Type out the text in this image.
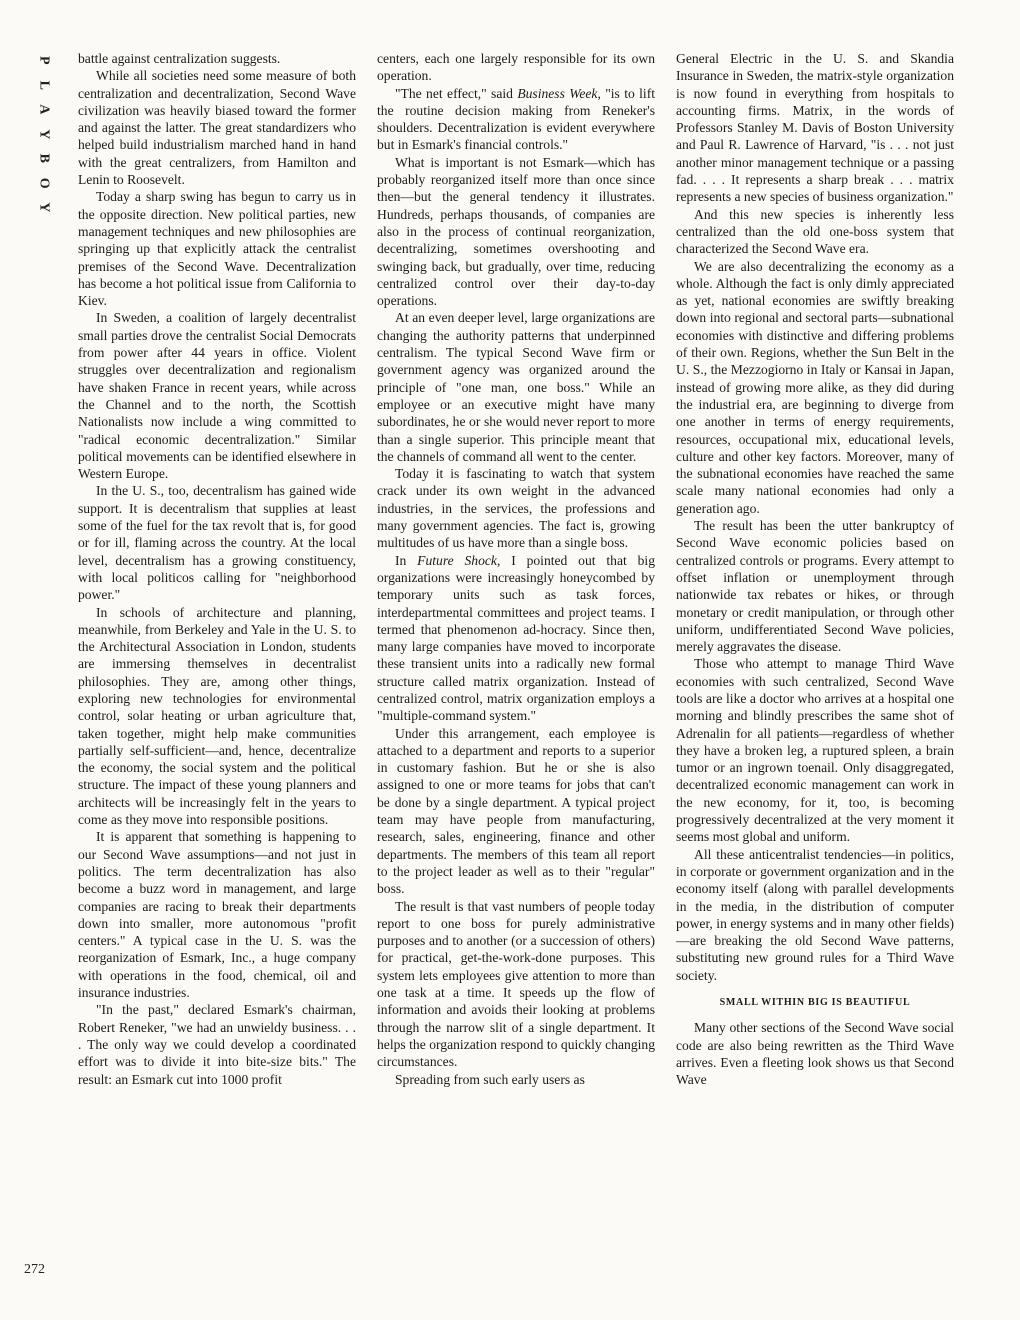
P
L
A
Y
B
O
Y
272

battle against centralization suggests.

While all societies need some measure of both centralization and decentralization, Second Wave civilization was heavily biased toward the former and against the latter. The great standardizers who helped build industrialism marched hand in hand with the great centralizers, from Hamilton and Lenin to Roosevelt.

Today a sharp swing has begun to carry us in the opposite direction. New political parties, new management techniques and new philosophies are springing up that explicitly attack the centralist premises of the Second Wave. Decentralization has become a hot political issue from California to Kiev.

In Sweden, a coalition of largely decentralist small parties drove the centralist Social Democrats from power after 44 years in office. Violent struggles over decentralization and regionalism have shaken France in recent years, while across the Channel and to the north, the Scottish Nationalists now include a wing committed to "radical economic decentralization." Similar political movements can be identified elsewhere in Western Europe.

In the U. S., too, decentralism has gained wide support. It is decentralism that supplies at least some of the fuel for the tax revolt that is, for good or for ill, flaming across the country. At the local level, decentralism has a growing constituency, with local politicos calling for "neighborhood power."

In schools of architecture and planning, meanwhile, from Berkeley and Yale in the U. S. to the Architectural Association in London, students are immersing themselves in decentralist philosophies. They are, among other things, exploring new technologies for environmental control, solar heating or urban agriculture that, taken together, might help make communities partially self-sufficient—and, hence, decentralize the economy, the social system and the political structure. The impact of these young planners and architects will be increasingly felt in the years to come as they move into responsible positions.

It is apparent that something is happening to our Second Wave assumptions—and not just in politics. The term decentralization has also become a buzz word in management, and large companies are racing to break their departments down into smaller, more autonomous "profit centers." A typical case in the U. S. was the reorganization of Esmark, Inc., a huge company with operations in the food, chemical, oil and insurance industries.

"In the past," declared Esmark's chairman, Robert Reneker, "we had an unwieldy business. . . . The only way we could develop a coordinated effort was to divide it into bite-size bits." The result: an Esmark cut into 1000 profit

centers, each one largely responsible for its own operation.

"The net effect," said Business Week, "is to lift the routine decision making from Reneker's shoulders. Decentralization is evident everywhere but in Esmark's financial controls."

What is important is not Esmark—which has probably reorganized itself more than once since then—but the general tendency it illustrates. Hundreds, perhaps thousands, of companies are also in the process of continual reorganization, decentralizing, sometimes overshooting and swinging back, but gradually, over time, reducing centralized control over their day-to-day operations.

At an even deeper level, large organizations are changing the authority patterns that underpinned centralism. The typical Second Wave firm or government agency was organized around the principle of "one man, one boss." While an employee or an executive might have many subordinates, he or she would never report to more than a single superior. This principle meant that the channels of command all went to the center.

Today it is fascinating to watch that system crack under its own weight in the advanced industries, in the services, the professions and many government agencies. The fact is, growing multitudes of us have more than a single boss.

In Future Shock, I pointed out that big organizations were increasingly honeycombed by temporary units such as task forces, interdepartmental committees and project teams. I termed that phenomenon ad-hocracy. Since then, many large companies have moved to incorporate these transient units into a radically new formal structure called matrix organization. Instead of centralized control, matrix organization employs a "multiple-command system."

Under this arrangement, each employee is attached to a department and reports to a superior in customary fashion. But he or she is also assigned to one or more teams for jobs that can't be done by a single department. A typical project team may have people from manufacturing, research, sales, engineering, finance and other departments. The members of this team all report to the project leader as well as to their "regular" boss.

The result is that vast numbers of people today report to one boss for purely administrative purposes and to another (or a succession of others) for practical, get-the-work-done purposes. This system lets employees give attention to more than one task at a time. It speeds up the flow of information and avoids their looking at problems through the narrow slit of a single department. It helps the organization respond to quickly changing circumstances.

Spreading from such early users as

General Electric in the U. S. and Skandia Insurance in Sweden, the matrix-style organization is now found in everything from hospitals to accounting firms. Matrix, in the words of Professors Stanley M. Davis of Boston University and Paul R. Lawrence of Harvard, "is . . . not just another minor management technique or a passing fad. . . . It represents a sharp break . . . matrix represents a new species of business organization."

And this new species is inherently less centralized than the old one-boss system that characterized the Second Wave era.

We are also decentralizing the economy as a whole. Although the fact is only dimly appreciated as yet, national economies are swiftly breaking down into regional and sectoral parts—subnational economies with distinctive and differing problems of their own. Regions, whether the Sun Belt in the U. S., the Mezzogiorno in Italy or Kansai in Japan, instead of growing more alike, as they did during the industrial era, are beginning to diverge from one another in terms of energy requirements, resources, occupational mix, educational levels, culture and other key factors. Moreover, many of the subnational economies have reached the same scale many national economies had only a generation ago.

The result has been the utter bankruptcy of Second Wave economic policies based on centralized controls or programs. Every attempt to offset inflation or unemployment through nationwide tax rebates or hikes, or through monetary or credit manipulation, or through other uniform, undifferentiated Second Wave policies, merely aggravates the disease.

Those who attempt to manage Third Wave economies with such centralized, Second Wave tools are like a doctor who arrives at a hospital one morning and blindly prescribes the same shot of Adrenalin for all patients—regardless of whether they have a broken leg, a ruptured spleen, a brain tumor or an ingrown toenail. Only disaggregated, decentralized economic management can work in the new economy, for it, too, is becoming progressively decentralized at the very moment it seems most global and uniform.

All these anticentralist tendencies—in politics, in corporate or government organization and in the economy itself (along with parallel developments in the media, in the distribution of computer power, in energy systems and in many other fields)—are breaking the old Second Wave patterns, substituting new ground rules for a Third Wave society.

SMALL WITHIN BIG IS BEAUTIFUL

Many other sections of the Second Wave social code are also being rewritten as the Third Wave arrives. Even a fleeting look shows us that Second Wave
